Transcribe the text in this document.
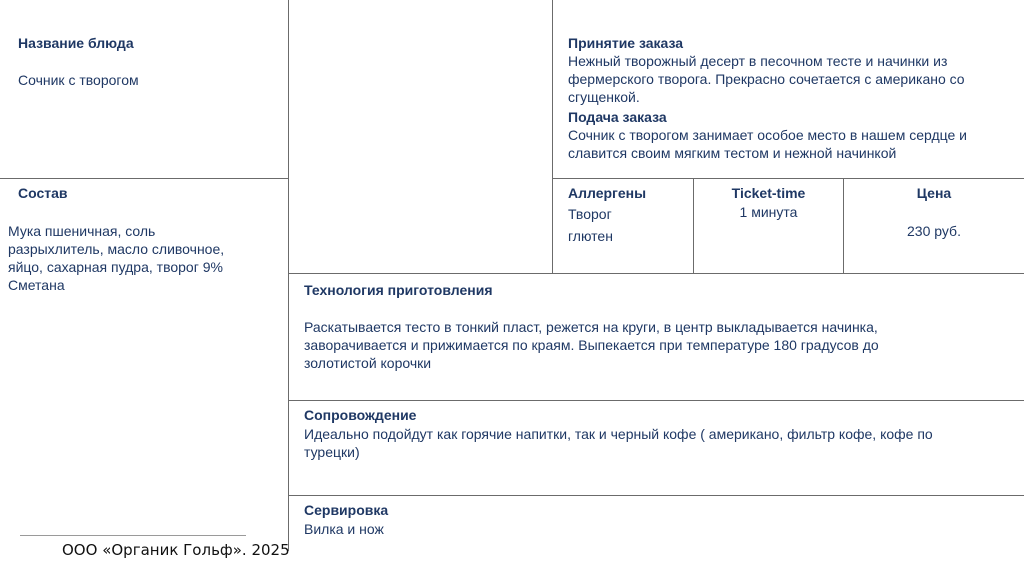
Название блюда
Сочник с творогом
Состав
Мука пшеничная, соль
разрыхлитель, масло сливочное,
яйцо, сахарная пудра, творог 9%
Сметана
Принятие заказа
Нежный творожный десерт в песочном тесте и начинки из
фермерского творога. Прекрасно сочетается с американо со
сгущенкой.
Подача заказа
Сочник с творогом занимает особое место в нашем сердце и
славится своим мягким тестом и нежной начинкой
Аллергены
Творог
глютен
Ticket-time
1 минута
Цена
230 руб.
Технология приготовления
Раскатывается тесто в тонкий пласт, режется на круги, в центр выкладывается начинка,
заворачивается и прижимается по краям. Выпекается при температуре 180 градусов до
золотистой корочки
Сопровождение
Идеально подойдут как горячие напитки, так и черный кофе ( американо, фильтр кофе, кофе по
турецки)
Сервировка
Вилка и нож
ООО «Органик Гольф». 2025
